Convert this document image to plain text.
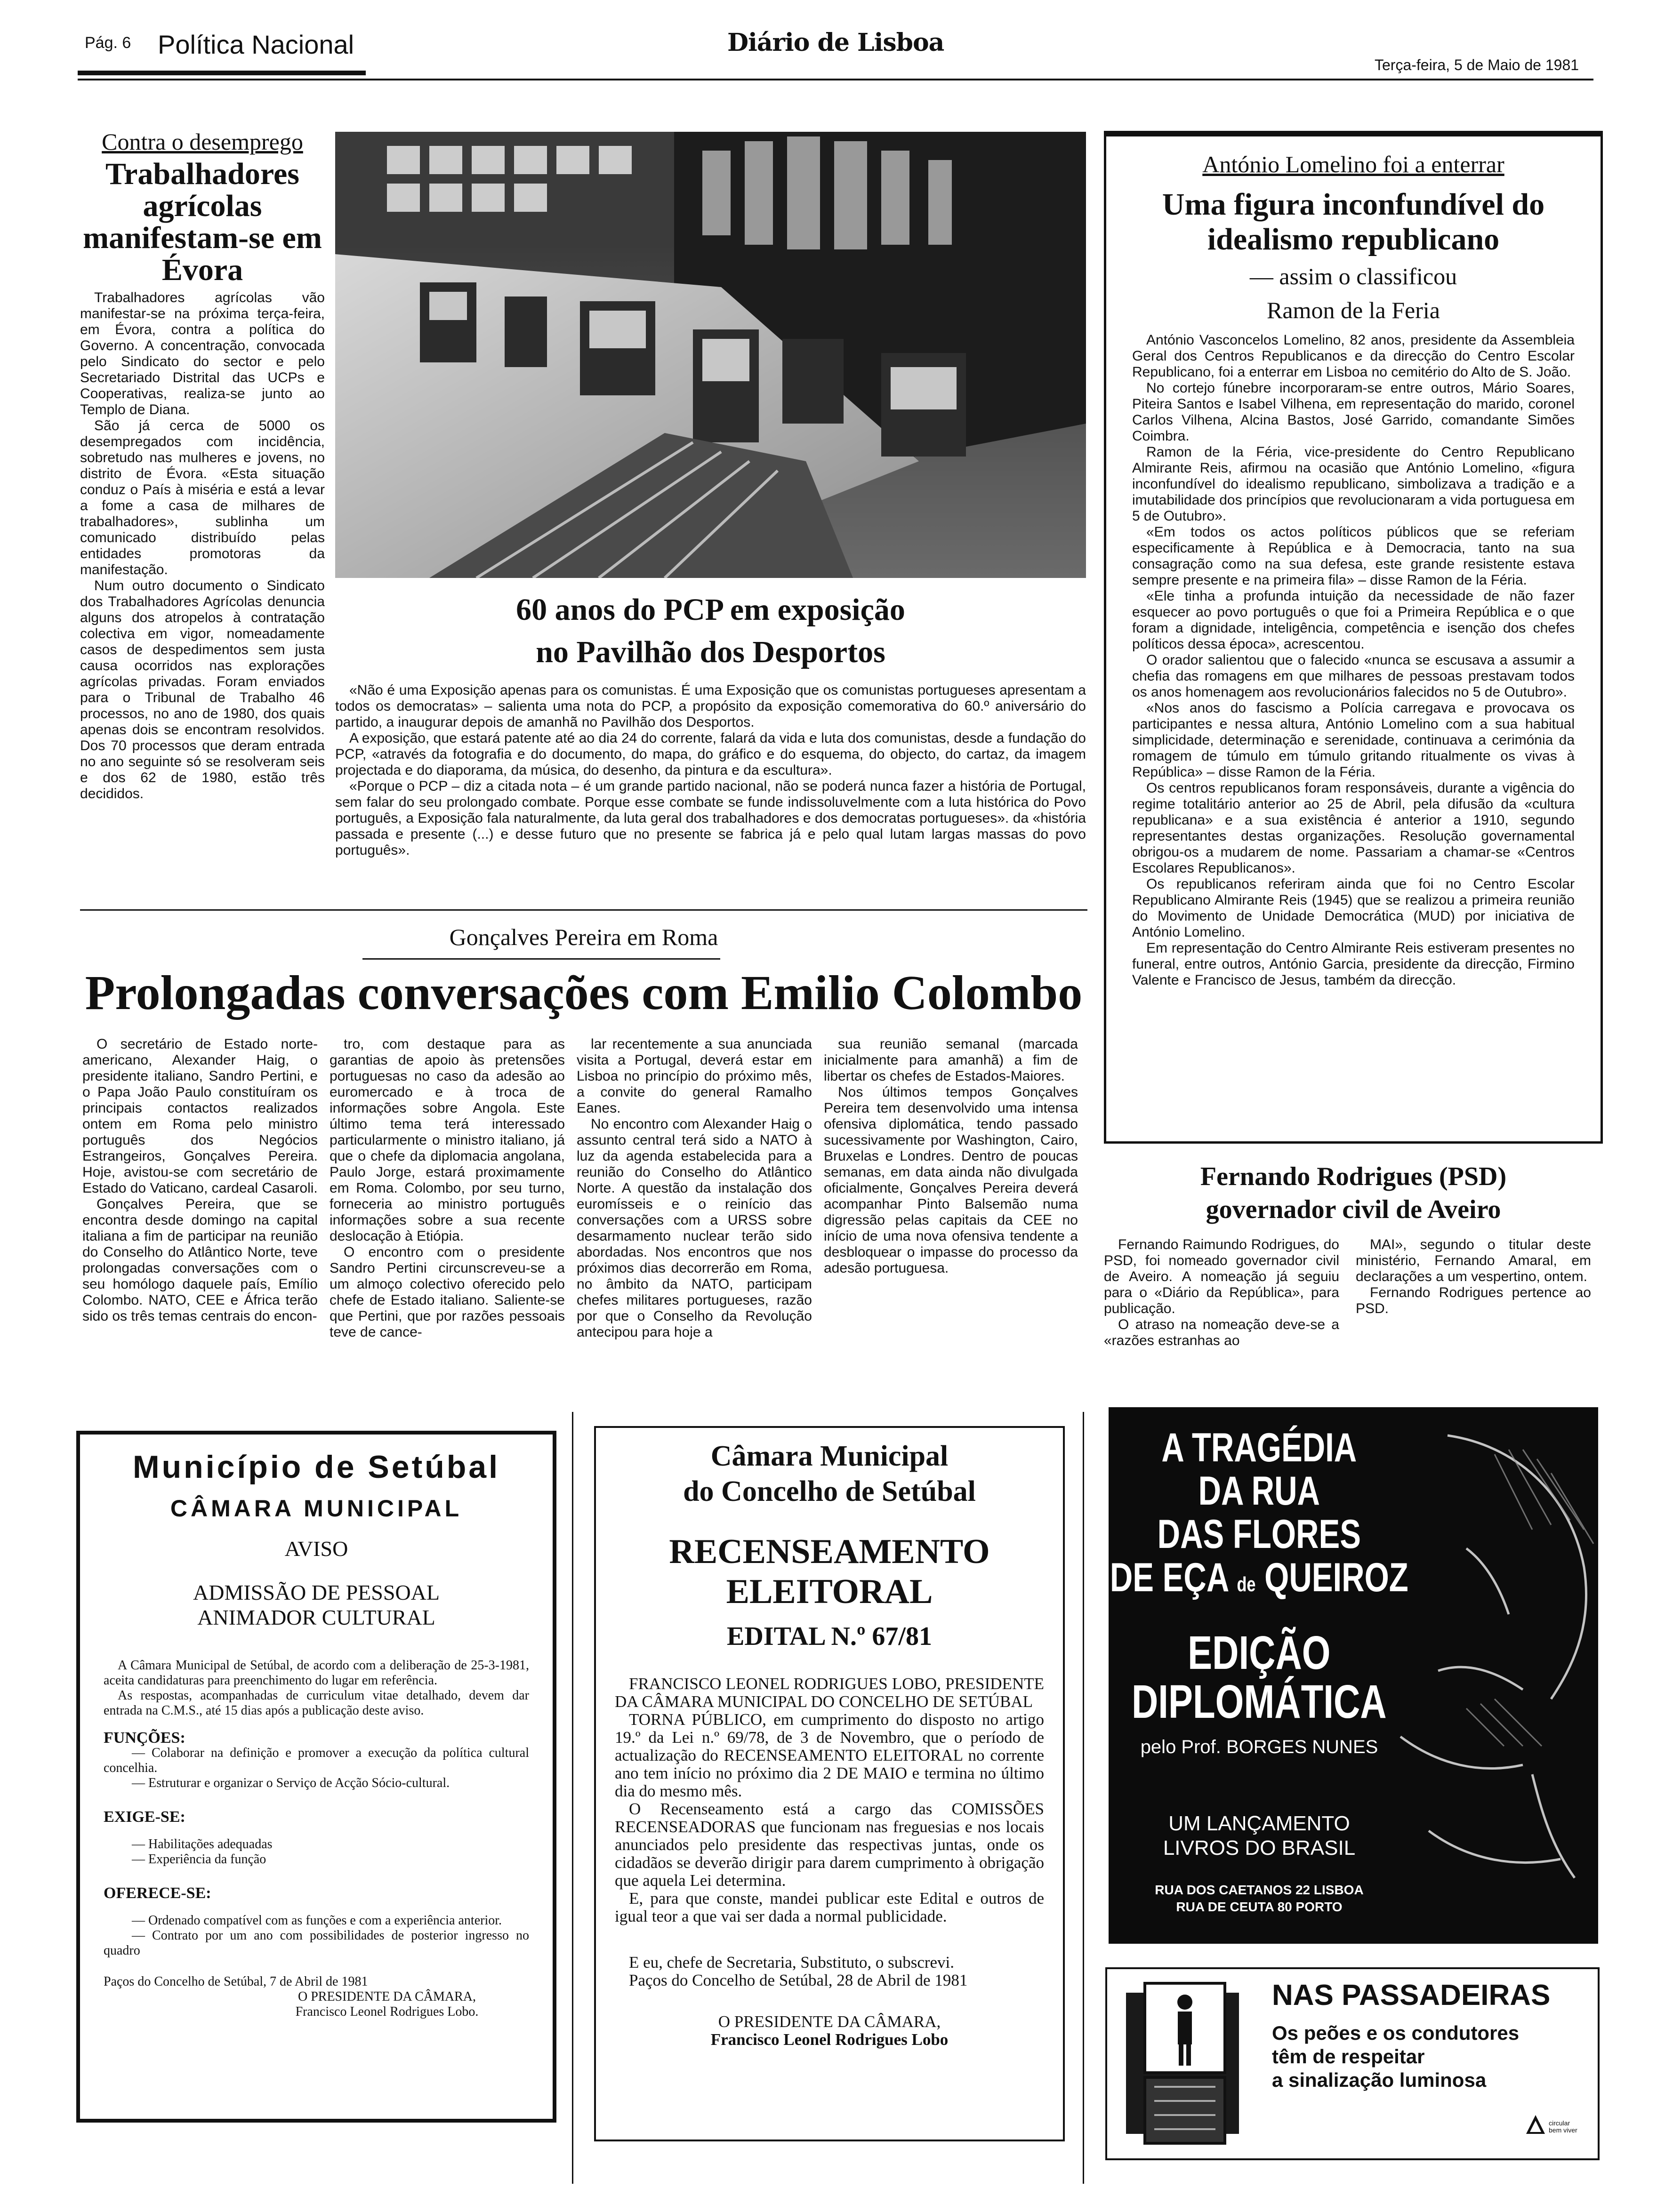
Pág. 6 Política Nacional	Diário de Lisboa
Terça-feira, 5 de Maio de 1981
Contra o desemprego
Trabalhadores agrícolas manifestam-se em Évora

Trabalhadores agrícolas vão manifestar-se na próxima terça-feira, em Évora, contra a política do Governo. A concentração, convocada pelo Sindicato do sector e pelo Secretariado Distrital das UCPs e Cooperativas, realiza-se junto ao Templo de Diana.

São já cerca de 5000 os desempregados com incidência, sobretudo nas mulheres e jovens, no distrito de Évora. «Esta situação conduz o País à miséria e está a levar a fome a casa de milhares de trabalhadores», sublinha um comunicado distribuído pelas entidades promotoras da manifestação.

Num outro documento o Sindicato dos Trabalhadores Agrícolas denuncia alguns dos atropelos à contratação colectiva em vigor, nomeadamente casos de despedimentos sem justa causa ocorridos nas explorações agrícolas privadas. Foram enviados para o Tribunal de Trabalho 46 processos, no ano de 1980, dos quais apenas dois se encontram resolvidos. Dos 70 processos que deram entrada no ano seguinte só se resolveram seis e dos 62 de 1980, estão três decididos.

60 anos do PCP em exposição
no Pavilhão dos Desportos

«Não é uma Exposição apenas para os comunistas. É uma Exposição que os comunistas portugueses apresentam a todos os democratas» – salienta uma nota do PCP, a propósito da exposição comemorativa do 60.º aniversário do partido, a inaugurar depois de amanhã no Pavilhão dos Desportos.

A exposição, que estará patente até ao dia 24 do corrente, falará da vida e luta dos comunistas, desde a fundação do PCP, «através da fotografia e do documento, do mapa, do gráfico e do esquema, do objecto, do cartaz, da imagem projectada e do diaporama, da música, do desenho, da pintura e da escultura».

«Porque o PCP – diz a citada nota – é um grande partido nacional, não se poderá nunca fazer a história de Portugal, sem falar do seu prolongado combate. Porque esse combate se funde indissoluvelmente com a luta histórica do Povo português, a Exposição fala naturalmente, da luta geral dos trabalhadores e dos democratas portugueses». da «história passada e presente (...) e desse futuro que no presente se fabrica já e pelo qual lutam largas massas do povo português».

António Lomelino foi a enterrar
Uma figura inconfundível do idealismo republicano
— assim o classificou
Ramon de la Feria

António Vasconcelos Lomelino, 82 anos, presidente da Assembleia Geral dos Centros Republicanos e da direcção do Centro Escolar Republicano, foi a enterrar em Lisboa no cemitério do Alto de S. João.

No cortejo fúnebre incorporaram-se entre outros, Mário Soares, Piteira Santos e Isabel Vilhena, em representação do marido, coronel Carlos Vilhena, Alcina Bastos, José Garrido, comandante Simões Coimbra.

Ramon de la Féria, vice-presidente do Centro Republicano Almirante Reis, afirmou na ocasião que António Lomelino, «figura inconfundível do idealismo republicano, simbolizava a tradição e a imutabilidade dos princípios que revolucionaram a vida portuguesa em 5 de Outubro».

«Em todos os actos políticos públicos que se referiam especificamente à República e à Democracia, tanto na sua consagração como na sua defesa, este grande resistente estava sempre presente e na primeira fila» – disse Ramon de la Féria.

«Ele tinha a profunda intuição da necessidade de não fazer esquecer ao povo português o que foi a Primeira República e o que foram a dignidade, inteligência, competência e isenção dos chefes políticos dessa época», acrescentou.

O orador salientou que o falecido «nunca se escusava a assumir a chefia das romagens em que milhares de pessoas prestavam todos os anos homenagem aos revolucionários falecidos no 5 de Outubro».

«Nos anos do fascismo a Polícia carregava e provocava os participantes e nessa altura, António Lomelino com a sua habitual simplicidade, determinação e serenidade, continuava a cerimónia da romagem de túmulo em túmulo gritando ritualmente os vivas à República» – disse Ramon de la Féria.

Os centros republicanos foram responsáveis, durante a vigência do regime totalitário anterior ao 25 de Abril, pela difusão da «cultura republicana» e a sua existência é anterior a 1910, segundo representantes destas organizações. Resolução governamental obrigou-os a mudarem de nome. Passariam a chamar-se «Centros Escolares Republicanos».

Os republicanos referiram ainda que foi no Centro Escolar Republicano Almirante Reis (1945) que se realizou a primeira reunião do Movimento de Unidade Democrática (MUD) por iniciativa de António Lomelino.

Em representação do Centro Almirante Reis estiveram presentes no funeral, entre outros, António Garcia, presidente da direcção, Firmino Valente e Francisco de Jesus, também da direcção.

Gonçalves Pereira em Roma
Prolongadas conversações com Emilio Colombo

O secretário de Estado norte-americano, Alexander Haig, o presidente italiano, Sandro Pertini, e o Papa João Paulo constituíram os principais contactos realizados ontem em Roma pelo ministro português dos Negócios Estrangeiros, Gonçalves Pereira. Hoje, avistou-se com secretário de Estado do Vaticano, cardeal Casaroli.

Gonçalves Pereira, que se encontra desde domingo na capital italiana a fim de participar na reunião do Conselho do Atlântico Norte, teve prolongadas conversações com o seu homólogo daquele país, Emílio Colombo. NATO, CEE e África terão sido os três temas centrais do encon-

tro, com destaque para as garantias de apoio às pretensões portuguesas no caso da adesão ao euromercado e à troca de informações sobre Angola. Este último tema terá interessado particularmente o ministro italiano, já que o chefe da diplomacia angolana, Paulo Jorge, estará proximamente em Roma. Colombo, por seu turno, forneceria ao ministro português informações sobre a sua recente deslocação à Etiópia.

O encontro com o presidente Sandro Pertini circunscreveu-se a um almoço colectivo oferecido pelo chefe de Estado italiano. Saliente-se que Pertini, que por razões pessoais teve de cance-

lar recentemente a sua anunciada visita a Portugal, deverá estar em Lisboa no princípio do próximo mês, a convite do general Ramalho Eanes.

No encontro com Alexander Haig o assunto central terá sido a NATO à luz da agenda estabelecida para a reunião do Conselho do Atlântico Norte. A questão da instalação dos euromísseis e o reinício das conversações com a URSS sobre desarmamento nuclear terão sido abordadas. Nos encontros que nos próximos dias decorrerão em Roma, no âmbito da NATO, participam chefes militares portugueses, razão por que o Conselho da Revolução antecipou para hoje a

sua reunião semanal (marcada inicialmente para amanhã) a fim de libertar os chefes de Estados-Maiores.

Nos últimos tempos Gonçalves Pereira tem desenvolvido uma intensa ofensiva diplomática, tendo passado sucessivamente por Washington, Cairo, Bruxelas e Londres. Dentro de poucas semanas, em data ainda não divulgada oficialmente, Gonçalves Pereira deverá acompanhar Pinto Balsemão numa digressão pelas capitais da CEE no início de uma nova ofensiva tendente a desbloquear o impasse do processo da adesão portuguesa.

Fernando Rodrigues (PSD)
governador civil de Aveiro

Fernando Raimundo Rodrigues, do PSD, foi nomeado governador civil de Aveiro. A nomeação já seguiu para o «Diário da República», para publicação.

O atraso na nomeação deve-se a «razões estranhas ao

MAI», segundo o titular deste ministério, Fernando Amaral, em declarações a um vespertino, ontem.

Fernando Rodrigues pertence ao PSD.

Município de Setúbal
CÂMARA MUNICIPAL
AVISO
ADMISSÃO DE PESSOAL
ANIMADOR CULTURAL

A Câmara Municipal de Setúbal, de acordo com a deliberação de 25-3-1981, aceita candidaturas para preenchimento do lugar em referência.

As respostas, acompanhadas de curriculum vitae detalhado, devem dar entrada na C.M.S., até 15 dias após a publicação deste aviso.

FUNÇÕES:

— Colaborar na definição e promover a execução da política cultural concelhia.

— Estruturar e organizar o Serviço de Acção Sócio-cultural.

EXIGE-SE:

— Habilitações adequadas

— Experiência da função

OFERECE-SE:

— Ordenado compatível com as funções e com a experiência anterior.

— Contrato por um ano com possibilidades de posterior ingresso no quadro

Paços do Concelho de Setúbal, 7 de Abril de 1981
O PRESIDENTE DA CÂMARA,
Francisco Leonel Rodrigues Lobo.
Câmara Municipal
do Concelho de Setúbal
RECENSEAMENTO
ELEITORAL
EDITAL N.º 67/81

FRANCISCO LEONEL RODRIGUES LOBO, PRESIDENTE DA CÂMARA MUNICIPAL DO CONCELHO DE SETÚBAL

TORNA PÚBLICO, em cumprimento do disposto no artigo 19.º da Lei n.º 69/78, de 3 de Novembro, que o período de actualização do RECENSEAMENTO ELEITORAL no corrente ano tem início no próximo dia 2 DE MAIO e termina no último dia do mesmo mês.

O Recenseamento está a cargo das COMISSÕES RECENSEADORAS que funcionam nas freguesias e nos locais anunciados pelo presidente das respectivas juntas, onde os cidadãos se deverão dirigir para darem cumprimento à obrigação que aquela Lei determina.

E, para que conste, mandei publicar este Edital e outros de igual teor a que vai ser dada a normal publicidade.

E eu, chefe de Secretaria, Substituto, o subscrevi.

Paços do Concelho de Setúbal, 28 de Abril de 1981

O PRESIDENTE DA CÂMARA,
Francisco Leonel Rodrigues Lobo
A TRAGÉDIA
DA RUA
DAS FLORES
DE EÇA de QUEIROZ
EDIÇÃO
DIPLOMÁTICA
pelo Prof. BORGES NUNES
UM LANÇAMENTO
LIVROS DO BRASIL
RUA DOS CAETANOS 22 LISBOA
RUA DE CEUTA 80 PORTO
NAS PASSADEIRAS
Os peões e os condutores
têm de respeitar
a sinalização luminosa
circular bem viver
